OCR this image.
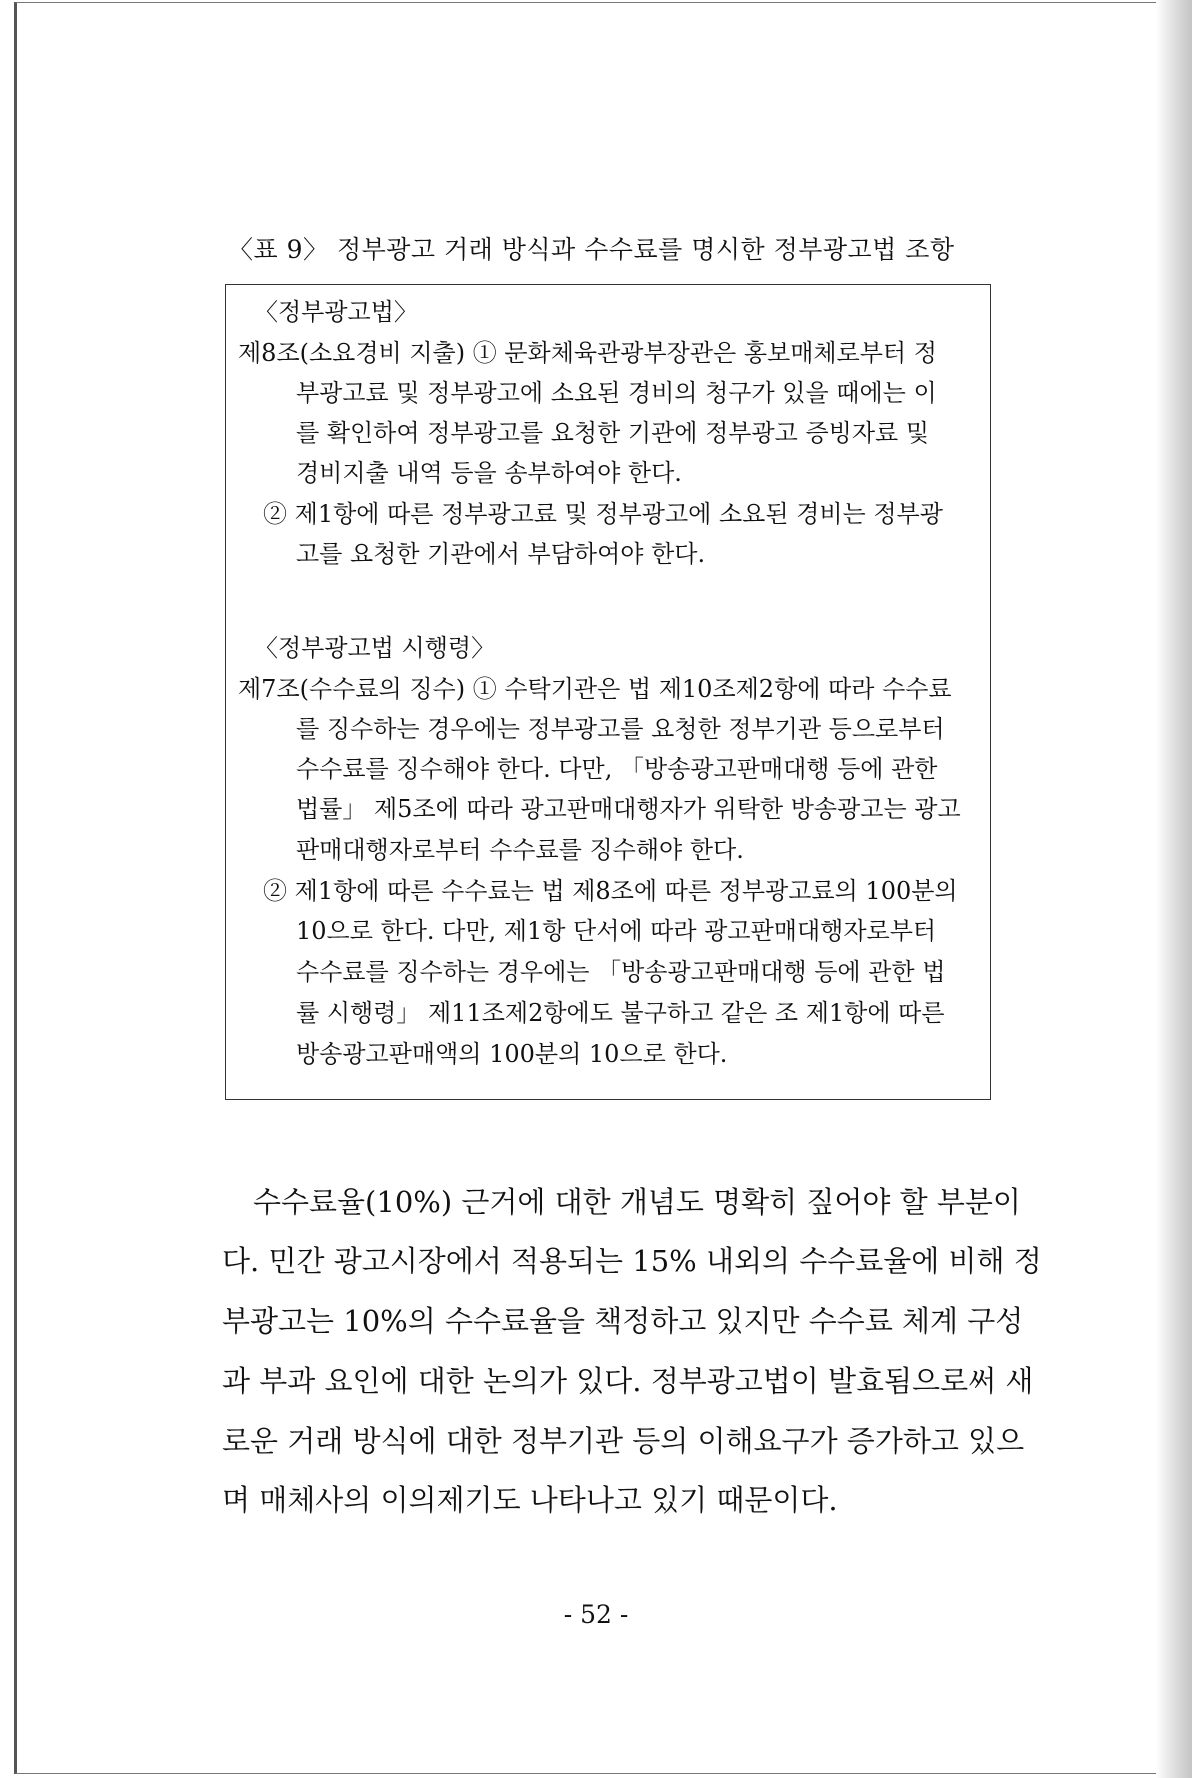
〈표 9〉 정부광고 거래 방식과 수수료를 명시한 정부광고법 조항
〈정부광고법〉
제8조(소요경비 지출) ① 문화체육관광부장관은 홍보매체로부터 정
부광고료 및 정부광고에 소요된 경비의 청구가 있을 때에는 이
를 확인하여 정부광고를 요청한 기관에 정부광고 증빙자료 및
경비지출 내역 등을 송부하여야 한다.
② 제1항에 따른 정부광고료 및 정부광고에 소요된 경비는 정부광
고를 요청한 기관에서 부담하여야 한다.
〈정부광고법 시행령〉
제7조(수수료의 징수) ① 수탁기관은 법 제10조제2항에 따라 수수료
를 징수하는 경우에는 정부광고를 요청한 정부기관 등으로부터
수수료를 징수해야 한다. 다만, 「방송광고판매대행 등에 관한
법률」 제5조에 따라 광고판매대행자가 위탁한 방송광고는 광고
판매대행자로부터 수수료를 징수해야 한다.
② 제1항에 따른 수수료는 법 제8조에 따른 정부광고료의 100분의
10으로 한다. 다만, 제1항 단서에 따라 광고판매대행자로부터
수수료를 징수하는 경우에는 「방송광고판매대행 등에 관한 법
률 시행령」 제11조제2항에도 불구하고 같은 조 제1항에 따른
방송광고판매액의 100분의 10으로 한다.
수수료율(10%) 근거에 대한 개념도 명확히 짚어야 할 부분이
다. 민간 광고시장에서 적용되는 15% 내외의 수수료율에 비해 정
부광고는 10%의 수수료율을 책정하고 있지만 수수료 체계 구성
과 부과 요인에 대한 논의가 있다. 정부광고법이 발효됨으로써 새
로운 거래 방식에 대한 정부기관 등의 이해요구가 증가하고 있으
며 매체사의 이의제기도 나타나고 있기 때문이다.
- 52 -
